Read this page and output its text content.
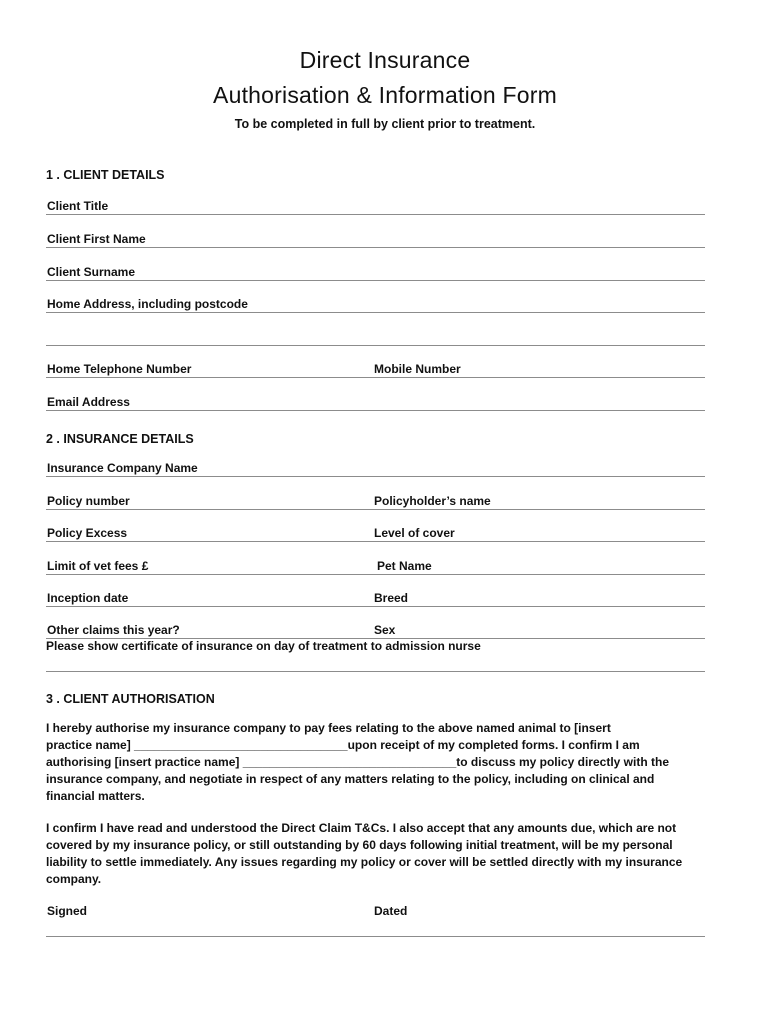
Direct Insurance
Authorisation & Information Form
To be completed in full by client prior to treatment.
1 . CLIENT DETAILS
Client Title
Client First Name
Client Surname
Home Address, including postcode
Home Telephone Number	Mobile Number
Email Address
2 . INSURANCE DETAILS
Insurance Company Name
Policy number	Policyholder’s name
Policy Excess	Level of cover
Limit of vet fees £	Pet Name
Inception date	Breed
Other claims this year?	Sex
Please show certificate of insurance on day of treatment to admission nurse
3 . CLIENT AUTHORISATION

I hereby authorise my insurance company to pay fees relating to the above named animal to [insert

practice name] ________________________________upon receipt of my completed forms. I confirm I am

authorising [insert practice name] ________________________________to discuss my policy directly with the

insurance company, and negotiate in respect of any matters relating to the policy, including on clinical and

financial matters.

I confirm I have read and understood the Direct Claim T&Cs. I also accept that any amounts due, which are not

covered by my insurance policy, or still outstanding by 60 days following initial treatment, will be my personal

liability to settle immediately. Any issues regarding my policy or cover will be settled directly with my insurance

company.

Signed	Dated
